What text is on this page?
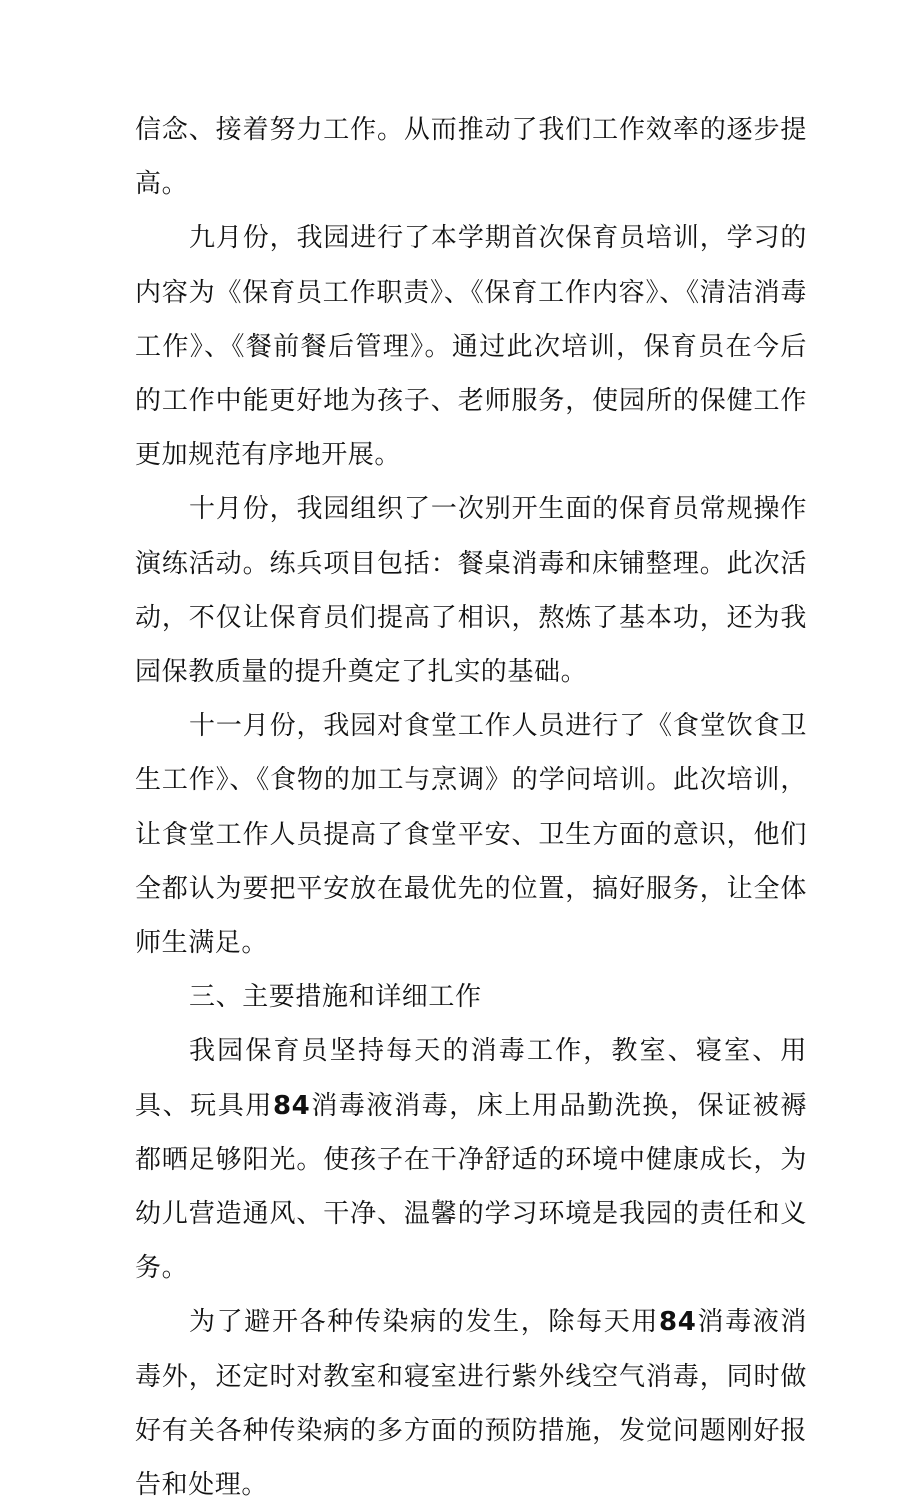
信念、接着努力工作。从而推动了我们工作效率的逐步提高。

九月份，我园进行了本学期首次保育员培训，学习的内容为《保育员工作职责》、《保育工作内容》、《清洁消毒工作》、《餐前餐后管理》。通过此次培训，保育员在今后的工作中能更好地为孩子、老师服务，使园所的保健工作更加规范有序地开展。

十月份，我园组织了一次别开生面的保育员常规操作演练活动。练兵项目包括：餐桌消毒和床铺整理。此次活动，不仅让保育员们提高了相识，熬炼了基本功，还为我园保教质量的提升奠定了扎实的基础。

十一月份，我园对食堂工作人员进行了《食堂饮食卫生工作》、《食物的加工与烹调》的学问培训。此次培训，让食堂工作人员提高了食堂平安、卫生方面的意识，他们全都认为要把平安放在最优先的位置，搞好服务，让全体师生满足。

三、主要措施和详细工作

我园保育员坚持每天的消毒工作，教室、寝室、用具、玩具用84消毒液消毒，床上用品勤洗换，保证被褥都晒足够阳光。使孩子在干净舒适的环境中健康成长，为幼儿营造通风、干净、温馨的学习环境是我园的责任和义务。

为了避开各种传染病的发生，除每天用84消毒液消毒外，还定时对教室和寝室进行紫外线空气消毒，同时做好有关各种传染病的多方面的预防措施，发觉问题刚好报告和处理。
